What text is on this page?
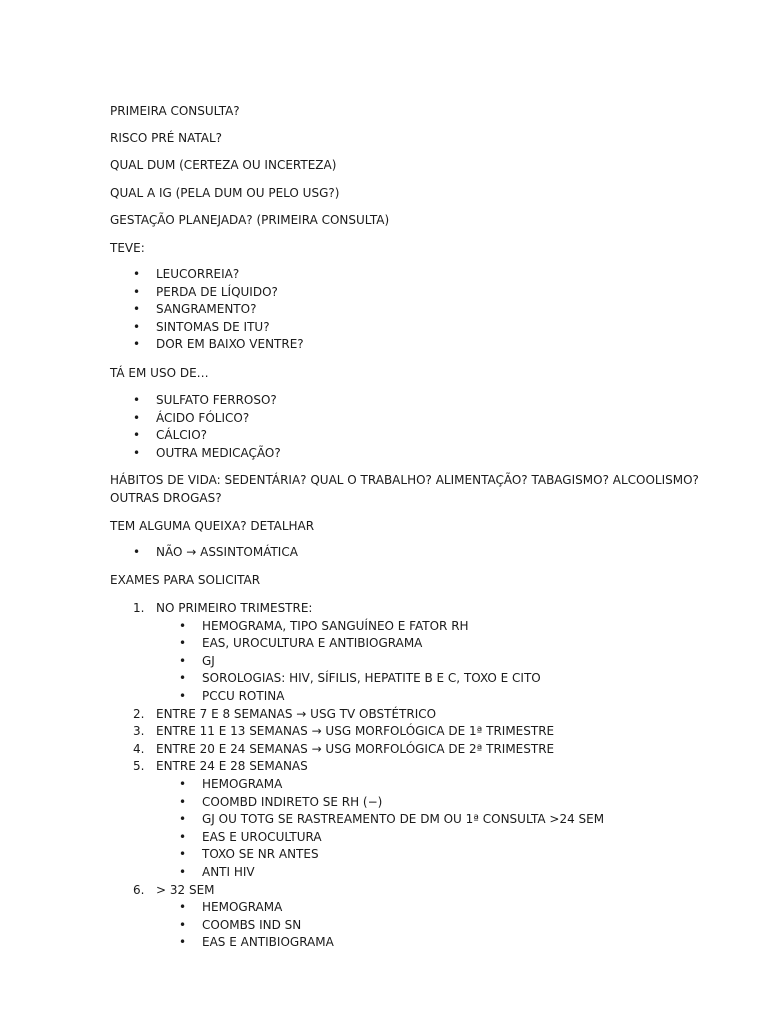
PRIMEIRA CONSULTA?
RISCO PRÉ NATAL?
QUAL DUM (CERTEZA OU INCERTEZA)
QUAL A IG (PELA DUM OU PELO USG?)
GESTAÇÃO PLANEJADA? (PRIMEIRA CONSULTA)
TEVE:
• LEUCORREIA?
• PERDA DE LÍQUIDO?
• SANGRAMENTO?
• SINTOMAS DE ITU?
• DOR EM BAIXO VENTRE?
TÁ EM USO DE…
• SULFATO FERROSO?
• ÁCIDO FÓLICO?
• CÁLCIO?
• OUTRA MEDICAÇÃO?
HÁBITOS DE VIDA: SEDENTÁRIA? QUAL O TRABALHO? ALIMENTAÇÃO? TABAGISMO? ALCOOLISMO? OUTRAS DROGAS?
TEM ALGUMA QUEIXA? DETALHAR
• NÃO → ASSINTOMÁTICA
EXAMES PARA SOLICITAR
1. NO PRIMEIRO TRIMESTRE:
• HEMOGRAMA, TIPO SANGUÍNEO E FATOR RH
• EAS, UROCULTURA E ANTIBIOGRAMA
• GJ
• SOROLOGIAS: HIV, SÍFILIS, HEPATITE B E C, TOXO E CITO
• PCCU ROTINA
2. ENTRE 7 E 8 SEMANAS → USG TV OBSTÉTRICO
3. ENTRE 11 E 13 SEMANAS → USG MORFOLÓGICA DE 1ª TRIMESTRE
4. ENTRE 20 E 24 SEMANAS → USG MORFOLÓGICA DE 2ª TRIMESTRE
5. ENTRE 24 E 28 SEMANAS
• HEMOGRAMA
• COOMBD INDIRETO SE RH (−)
• GJ OU TOTG SE RASTREAMENTO DE DM OU 1ª CONSULTA >24 SEM
• EAS E UROCULTURA
• TOXO SE NR ANTES
• ANTI HIV
6. > 32 SEM
• HEMOGRAMA
• COOMBS IND SN
• EAS E ANTIBIOGRAMA
